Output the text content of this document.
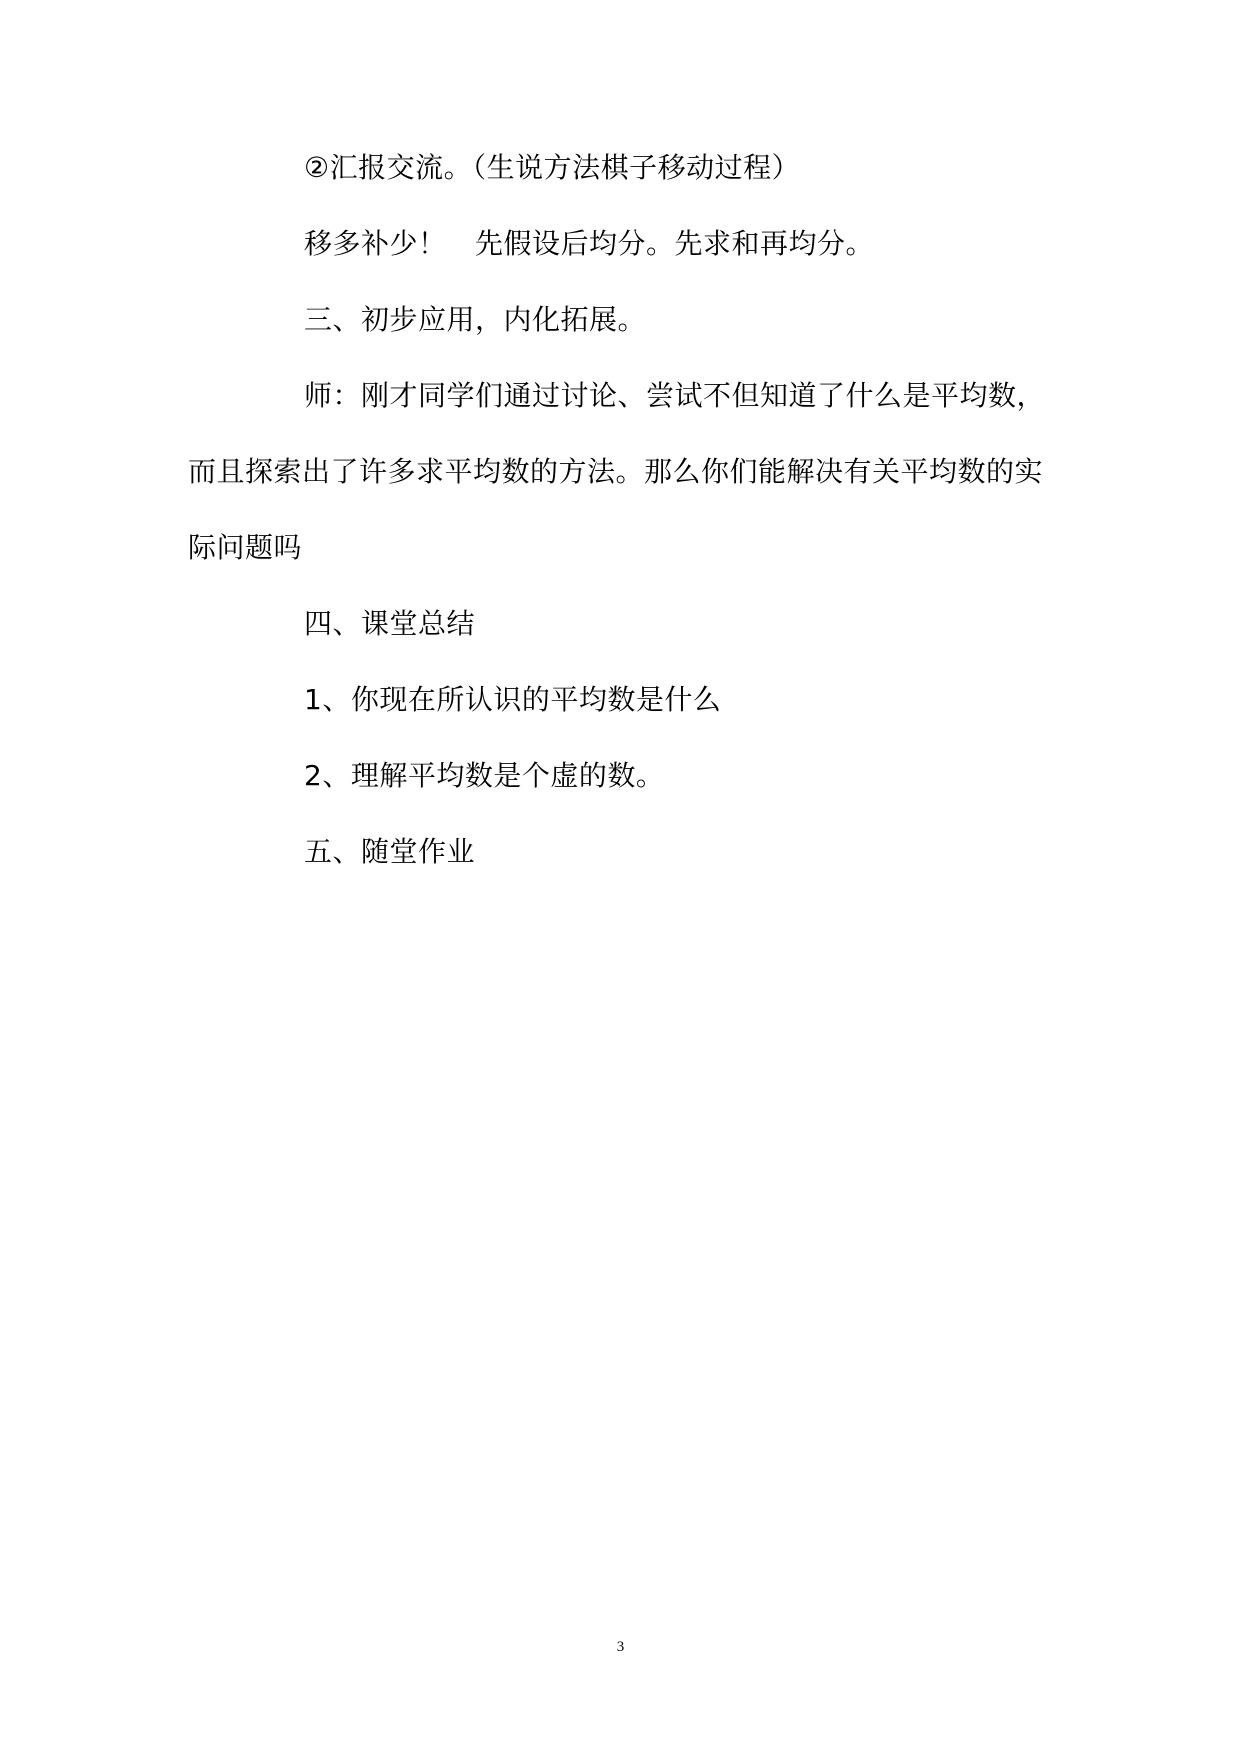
②汇报交流。（生说方法棋子移动过程）
移多补少！　先假设后均分。先求和再均分。
三、初步应用，内化拓展。
师：刚才同学们通过讨论、尝试不但知道了什么是平均数，
而且探索出了许多求平均数的方法。那么你们能解决有关平均数的实
际问题吗
四、课堂总结
1、你现在所认识的平均数是什么
2、理解平均数是个虚的数。
五、随堂作业
3
